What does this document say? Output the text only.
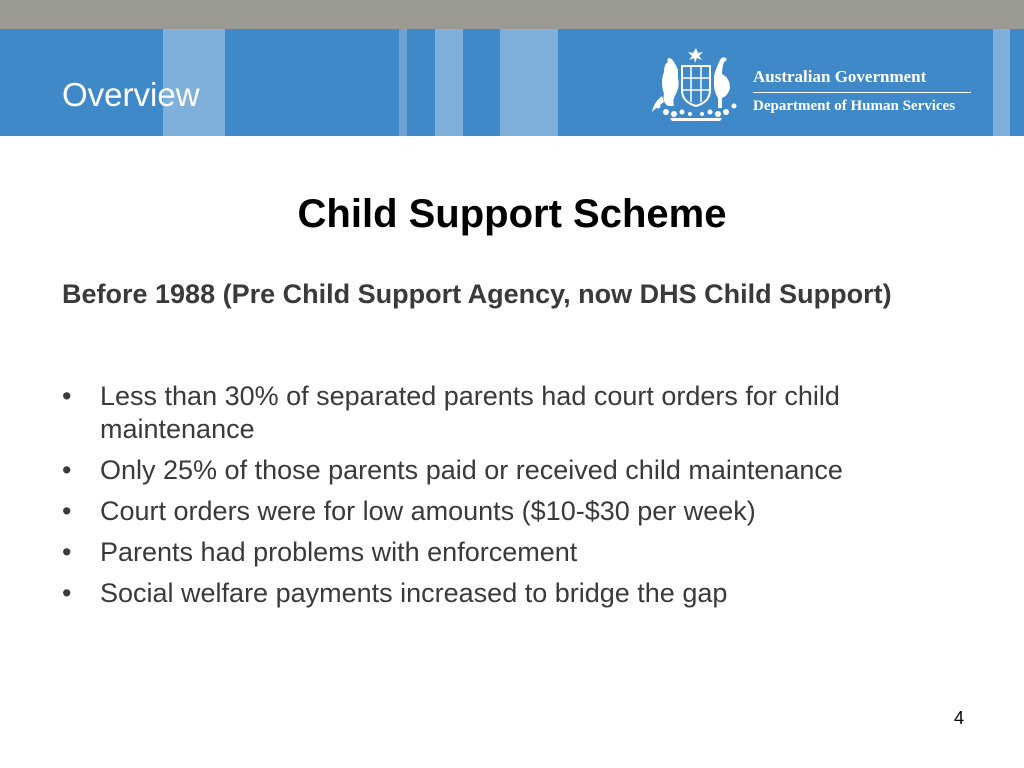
Overview	Australian Government
Department of Human Services
Child Support Scheme

Before 1988 (Pre Child Support Agency, now DHS Child Support)

•	Less than 30% of separated parents had court orders for child maintenance
•	Only 25% of those parents paid or received child maintenance
•	Court orders were for low amounts ($10-$30 per week)
•	Parents had problems with enforcement
•	Social welfare payments increased to bridge the gap
4
